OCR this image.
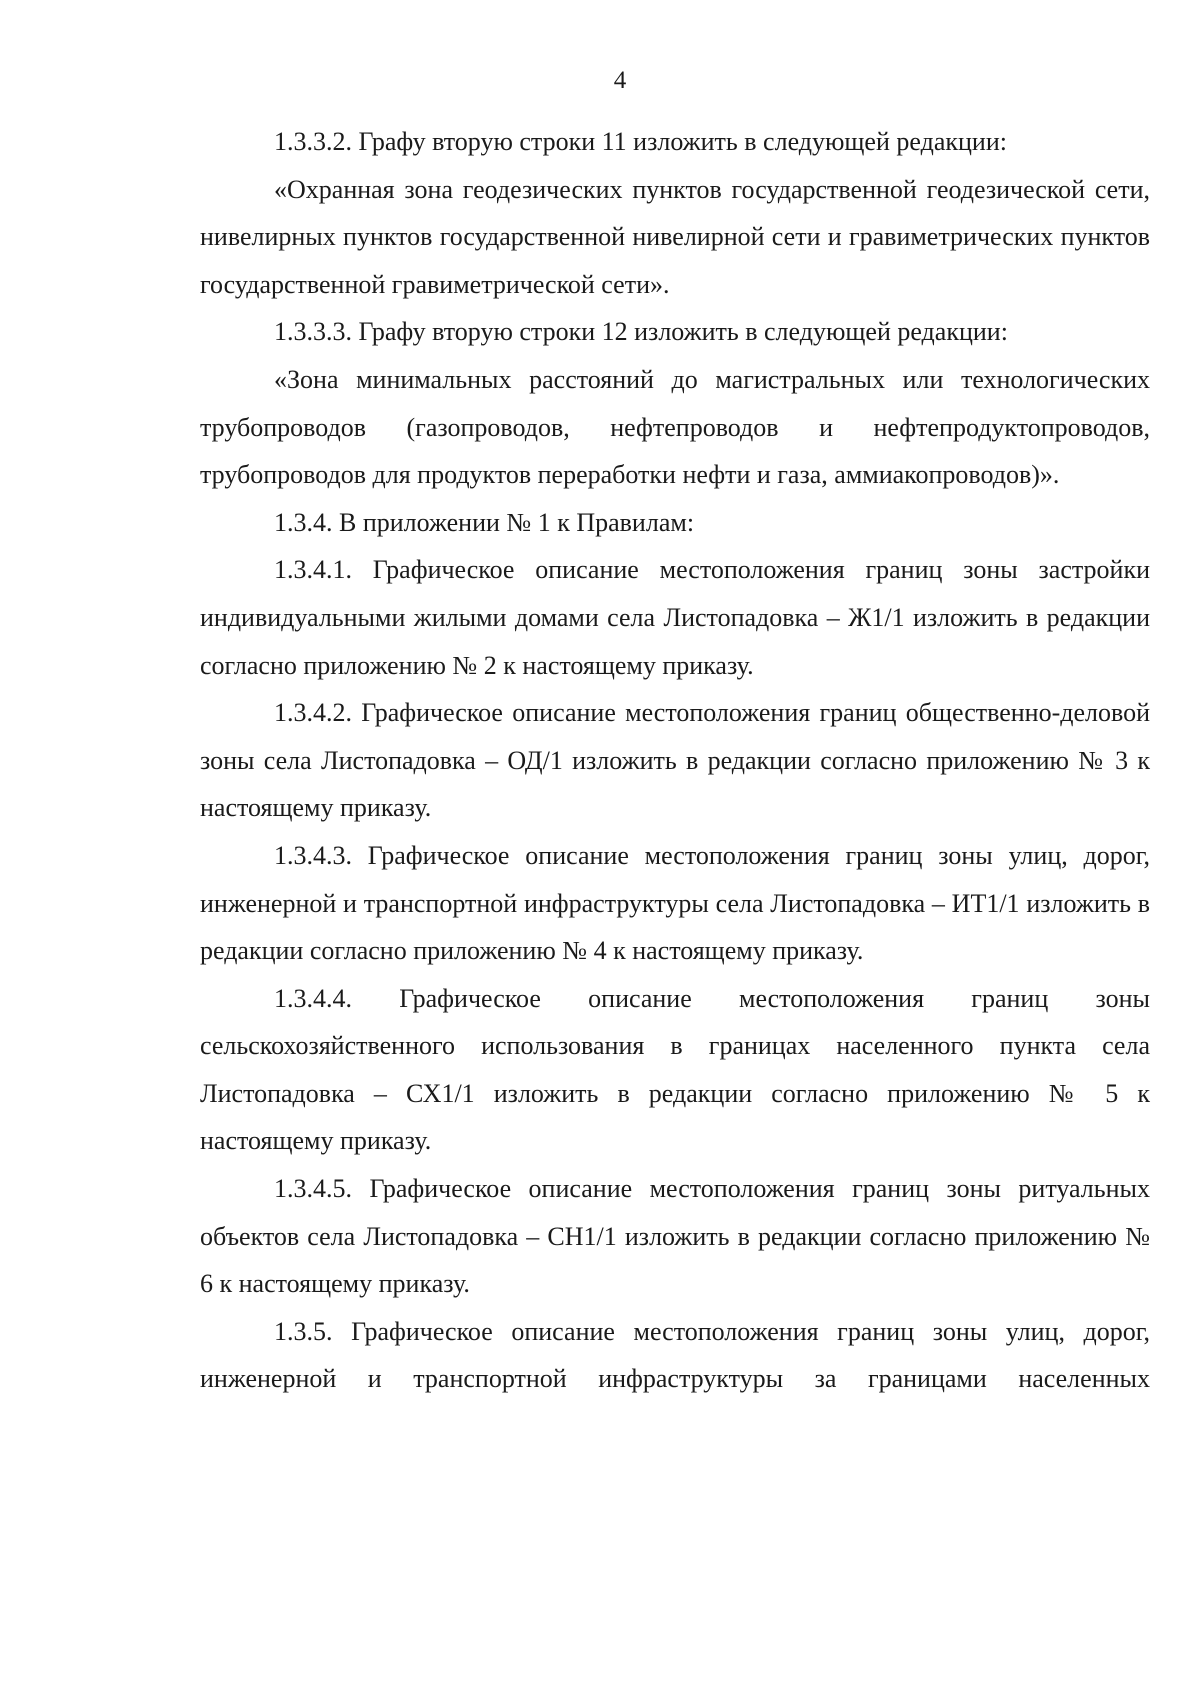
4

1.3.3.2. Графу вторую строки 11 изложить в следующей редакции:

«Охранная зона геодезических пунктов государственной геодезической сети, нивелирных пунктов государственной нивелирной сети и гравиметрических пунктов государственной гравиметрической сети».

1.3.3.3. Графу вторую строки 12 изложить в следующей редакции:

«Зона минимальных расстояний до магистральных или технологических трубопроводов (газопроводов, нефтепроводов и нефтепродуктопроводов, трубопроводов для продуктов переработки нефти и газа, аммиакопроводов)».

1.3.4. В приложении № 1 к Правилам:

1.3.4.1. Графическое описание местоположения границ зоны застройки индивидуальными жилыми домами села Листопадовка – Ж1/1 изложить в редакции согласно приложению № 2 к настоящему приказу.

1.3.4.2. Графическое описание местоположения границ общественно-деловой зоны села Листопадовка – ОД/1 изложить в редакции согласно приложению № 3 к настоящему приказу.

1.3.4.3. Графическое описание местоположения границ зоны улиц, дорог, инженерной и транспортной инфраструктуры села Листопадовка – ИТ1/1 изложить в редакции согласно приложению № 4 к настоящему приказу.

1.3.4.4. Графическое описание местоположения границ зоны сельскохозяйственного использования в границах населенного пункта села Листопадовка – СХ1/1 изложить в редакции согласно приложению № 5 к настоящему приказу.

1.3.4.5. Графическое описание местоположения границ зоны ритуальных объектов села Листопадовка – СН1/1 изложить в редакции согласно приложению № 6 к настоящему приказу.

1.3.5. Графическое описание местоположения границ зоны улиц, дорог, инженерной и транспортной инфраструктуры за границами населенных
